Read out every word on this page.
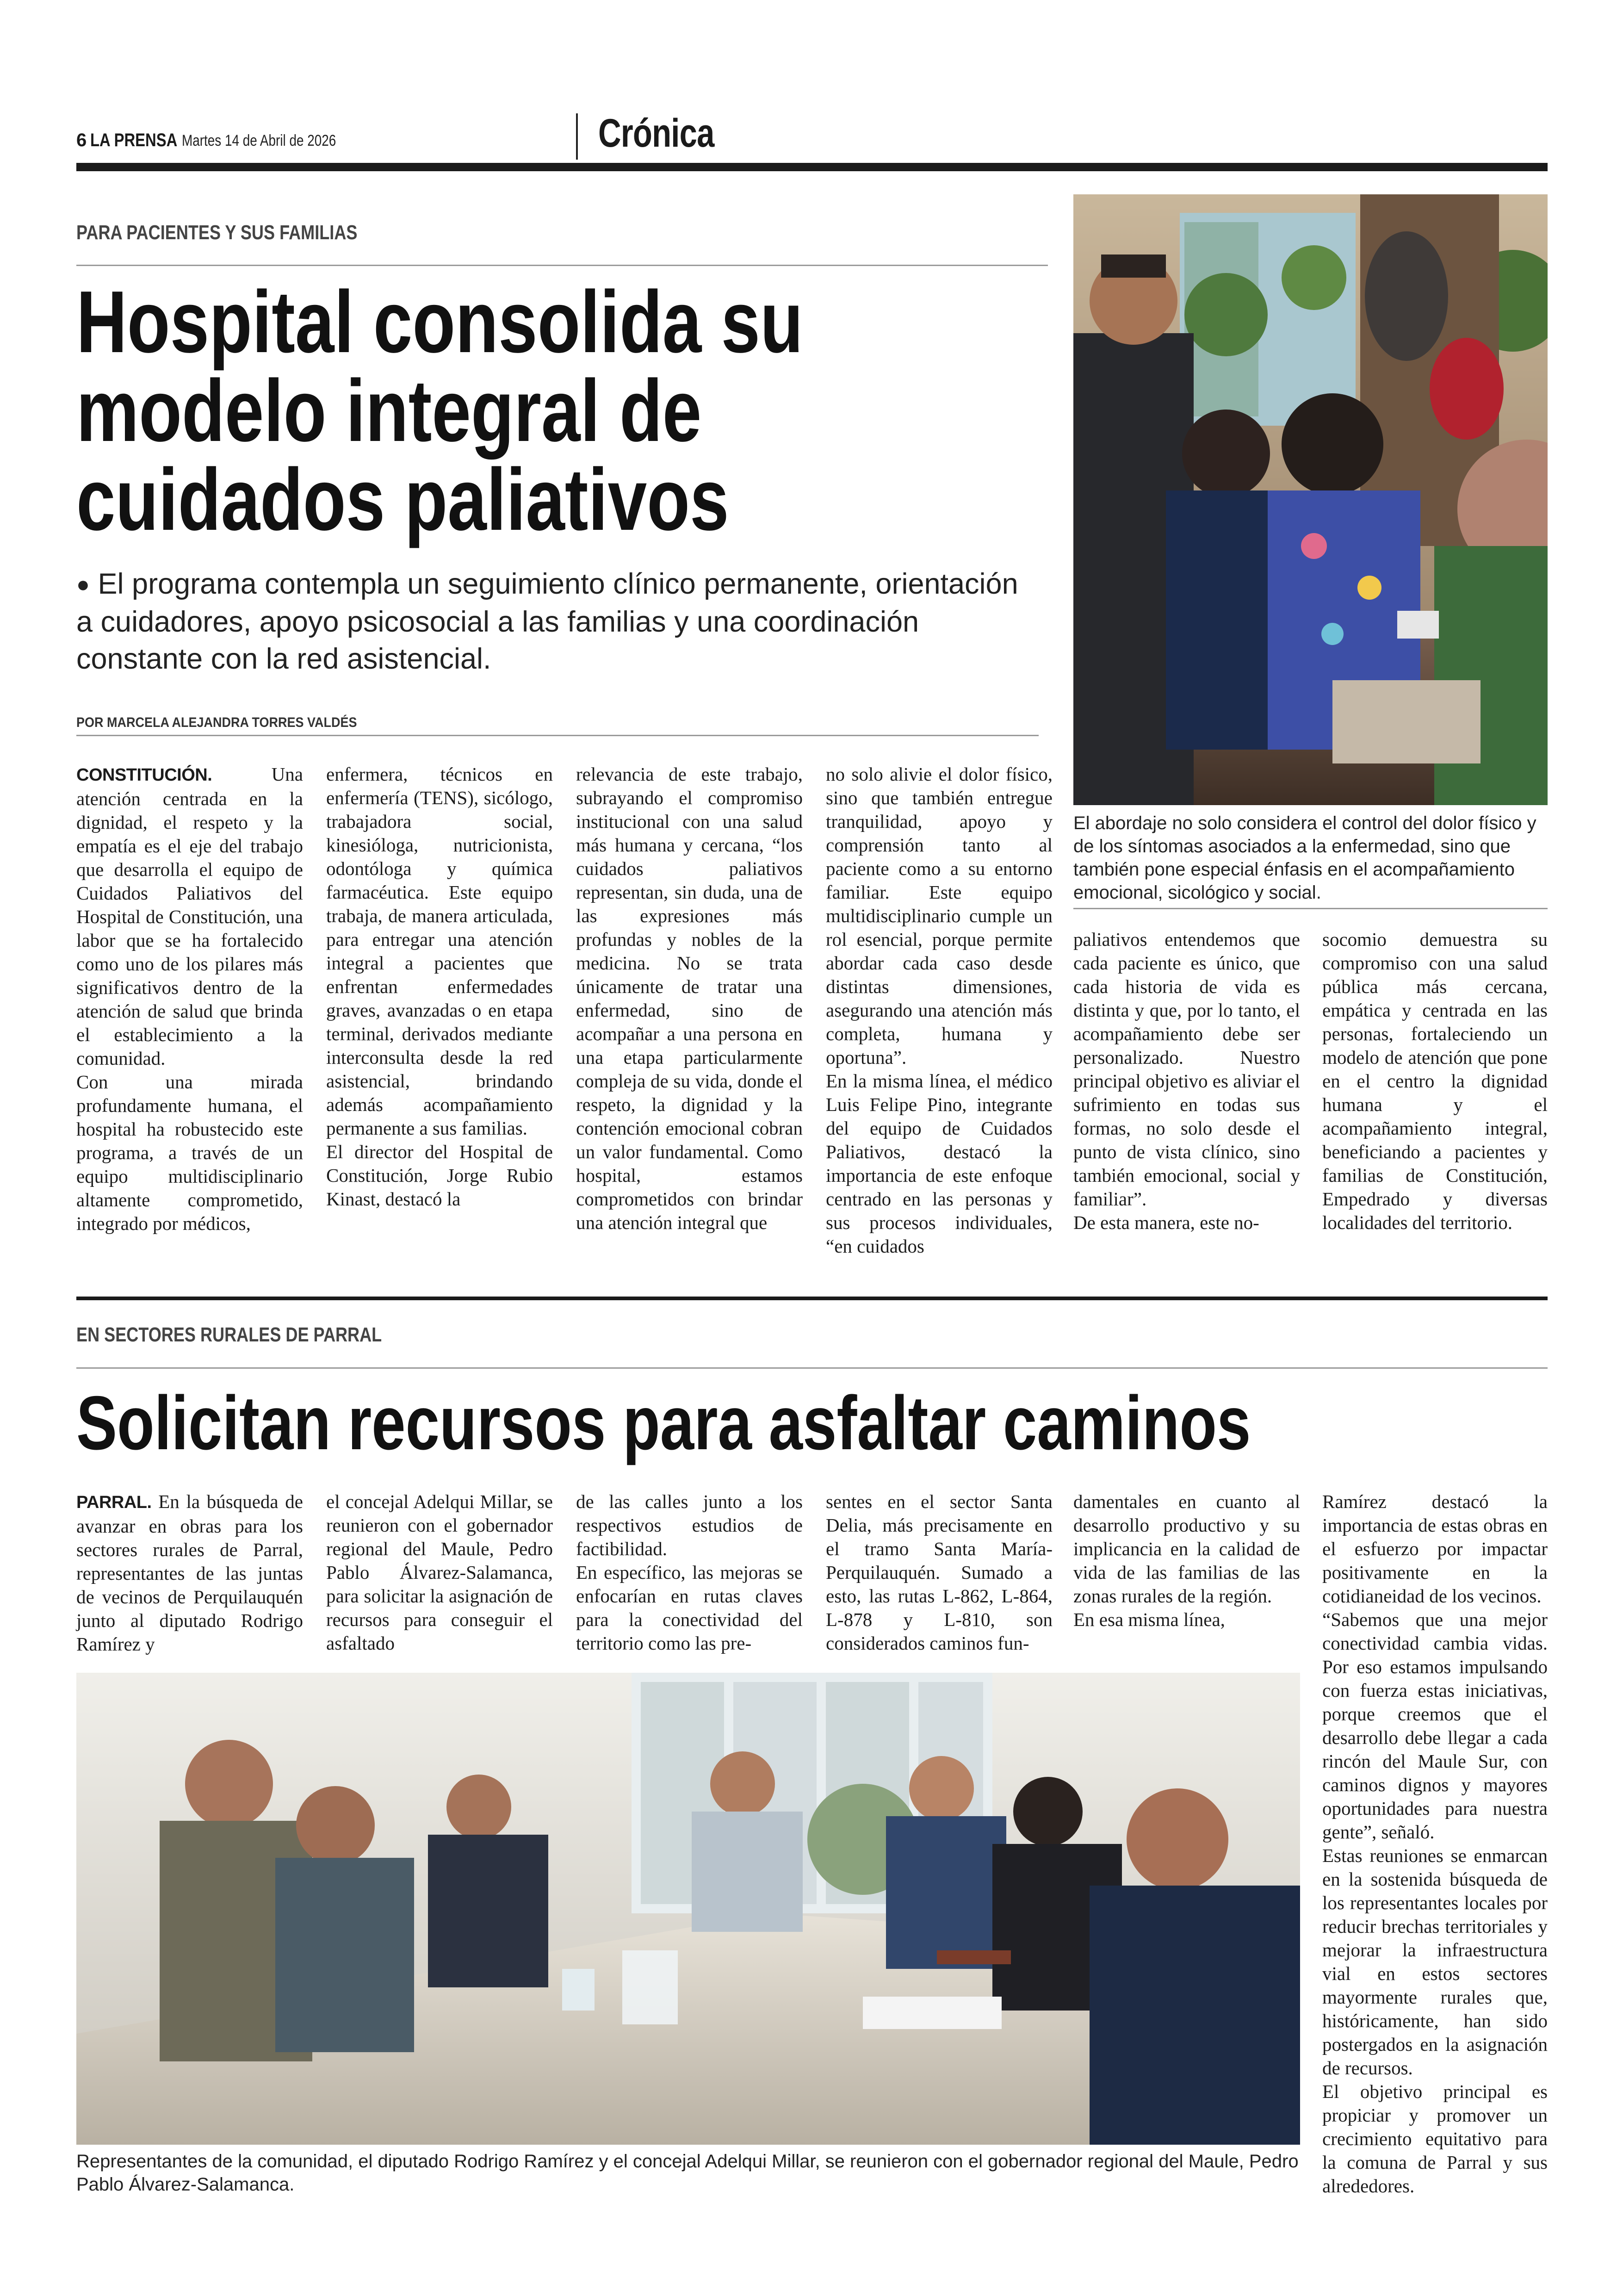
6 LA PRENSA Martes 14 de Abril de 2026	Crónica
PARA PACIENTES Y SUS FAMILIAS
Hospital consolida su
modelo integral de
cuidados paliativos
● El programa contempla un seguimiento clínico permanente, orientación a cuidadores, apoyo psicosocial a las familias y una coordinación constante con la red asistencial.
POR MARCELA ALEJANDRA TORRES VALDÉS
El abordaje no solo considera el control del dolor físico y de los síntomas asociados a la enfermedad, sino que también pone especial énfasis en el acompañamiento emocional, sicológico y social.

CONSTITUCIÓN.	Una atención centrada en la dignidad, el respeto y la empatía es el eje del trabajo que desarrolla el equipo de Cuidados Paliativos del Hospital de Constitución, una labor que se ha fortalecido como uno de los pilares más significativos dentro de la atención de salud que brinda el establecimiento a la comunidad.

Con una mirada profundamente humana, el hospital ha robustecido este programa, a través de un equipo multidisciplinario altamente comprometido, integrado por médicos,

enfermera, técnicos en enfermería (TENS), sicólogo, trabajadora social, kinesióloga, nutricionista, odontóloga y química farmacéutica. Este equipo trabaja, de manera articulada, para entregar una atención integral a pacientes que enfrentan enfermedades graves, avanzadas o en etapa terminal, derivados mediante interconsulta desde la red asistencial, brindando además acompañamiento permanente a sus familias.

El director del Hospital de Constitución, Jorge Rubio Kinast, destacó la

relevancia de este trabajo, subrayando el compromiso institucional con una salud más humana y cercana, “los cuidados paliativos representan, sin duda, una de las expresiones más profundas y nobles de la medicina. No se trata únicamente de tratar una enfermedad, sino de acompañar a una persona en una etapa particularmente compleja de su vida, donde el respeto, la dignidad y la contención emocional cobran un valor fundamental. Como hospital, estamos comprometidos con brindar una atención integral que

no solo alivie el dolor físico, sino que también entregue tranquilidad, apoyo y comprensión tanto al paciente como a su entorno familiar. Este equipo multidisciplinario cumple un rol esencial, porque permite abordar cada caso desde distintas dimensiones, asegurando una atención más completa, humana y oportuna”.

En la misma línea, el médico Luis Felipe Pino, integrante del equipo de Cuidados Paliativos, destacó la importancia de este enfoque centrado en las personas y sus procesos individuales, “en cuidados

paliativos entendemos que cada paciente es único, que cada historia de vida es distinta y que, por lo tanto, el acompañamiento debe ser personalizado. Nuestro principal objetivo es aliviar el sufrimiento en todas sus formas, no solo desde el punto de vista clínico, sino también emocional, social y familiar”.

De esta manera, este no-

socomio demuestra su compromiso con una salud pública más cercana, empática y centrada en las personas, fortaleciendo un modelo de atención que pone en el centro la dignidad humana y el acompañamiento integral, beneficiando a pacientes y familias de Constitución, Empedrado y diversas localidades del territorio.

EN SECTORES RURALES DE PARRAL
Solicitan recursos para asfaltar caminos

PARRAL. En la búsqueda de avanzar en obras para los sectores rurales de Parral, representantes de las juntas de vecinos de Perquilauquén junto al diputado Rodrigo Ramírez y

el concejal Adelqui Millar, se reunieron con el gobernador regional del Maule, Pedro Pablo Álvarez-Salamanca, para solicitar la asignación de recursos para conseguir el asfaltado

de las calles junto a los respectivos estudios de factibilidad.

En específico, las mejoras se enfocarían en rutas claves para la conectividad del territorio como las pre-

sentes en el sector Santa Delia, más precisamente en el tramo Santa María-Perquilauquén. Sumado a esto, las rutas L-862, L-864, L-878 y L-810, son considerados caminos fun-

damentales en cuanto al desarrollo productivo y su implicancia en la calidad de vida de las familias de las zonas rurales de la región.

En esa misma línea,

Ramírez destacó la importancia de estas obras en el esfuerzo por impactar positivamente en la cotidianeidad de los vecinos.

“Sabemos que una mejor conectividad cambia vidas. Por eso estamos impulsando con fuerza estas iniciativas, porque creemos que el desarrollo debe llegar a cada rincón del Maule Sur, con caminos dignos y mayores oportunidades para nuestra gente”, señaló.

Estas reuniones se enmarcan en la sostenida búsqueda de los representantes locales por reducir brechas territoriales y mejorar la infraestructura vial en estos sectores mayormente rurales que, históricamente, han sido postergados en la asignación de recursos.

El objetivo principal es propiciar y promover un crecimiento equitativo para la comuna de Parral y sus alrededores.

Representantes de la comunidad, el diputado Rodrigo Ramírez y el concejal Adelqui Millar, se reunieron con el gobernador regional del Maule, Pedro Pablo Álvarez-Salamanca.
